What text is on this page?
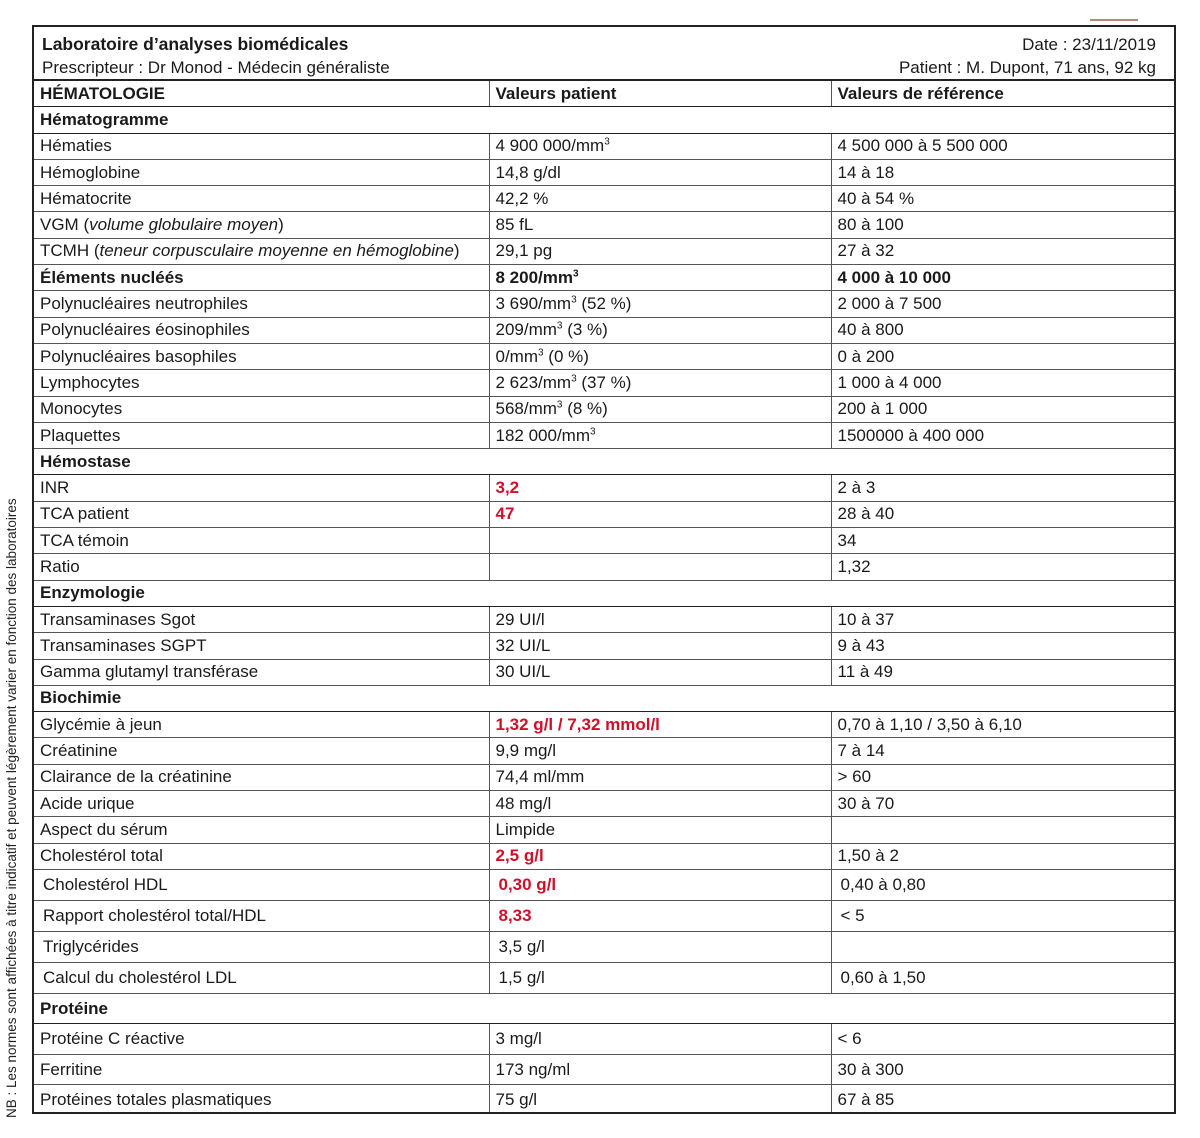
NB : Les normes sont affichées à titre indicatif et peuvent légèrement varier en fonction des laboratoires
Laboratoire d’analyses biomédicales
Prescripteur : Dr Monod - Médecin généraliste
Date : 23/11/2019
Patient : M. Dupont, 71 ans, 92 kg
HÉMATOLOGIE	Valeurs patient	Valeurs de référence
Hématogramme		
Hématies	4 900 $000/mm^3$	4 500 000 à 5 500 000
Hémoglobine	14,8 g/dl	14 à 18
Hématocrite	42,2 %	40 à 54 %
VGM (volume globulaire moyen)	85 fL	80 à 100
TCMH (teneur corpusculaire moyenne en hémoglobine)	29,1 pg	27 à 32
Éléments nucléés	8 $200/mm^3$	4 000 à 10 000
Polynucléaires neutrophiles	3 $690/mm^3$ (52 %)	2 000 à 7 500
Polynucléaires éosinophiles	$209/mm^3$ (3 %)	40 à 800
Polynucléaires basophiles	$0/mm^3$ (0 %)	0 à 200
Lymphocytes	2 $623/mm^3$ (37 %)	1 000 à 4 000
Monocytes	$568/mm^3$ (8 %)	200 à 1 000
Plaquettes	182 $000/mm^3$	1500000 à 400 000
Hémostase		
INR	3,2	2 à 3
TCA patient	47	28 à 40
TCA témoin		34
Ratio		1,32
Enzymologie		
Transaminases Sgot	29 UI/l	10 à 37
Transaminases SGPT	32 UI/L	9 à 43
Gamma glutamyl transférase	30 UI/L	11 à 49
Biochimie		
Glycémie à jeun	1,32 g/l / 7,32 mmol/l	0,70 à 1,10 / 3,50 à 6,10
Créatinine	9,9 mg/l	7 à 14
Clairance de la créatinine	74,4 ml/mm	> 60
Acide urique	48 mg/l	30 à 70
Aspect du sérum	Limpide	
Cholestérol total	2,5 g/l	1,50 à 2
Cholestérol HDL	0,30 g/l	0,40 à 0,80
Rapport cholestérol total/HDL	8,33	< 5
Triglycérides	3,5 g/l	
Calcul du cholestérol LDL	1,5 g/l	0,60 à 1,50
Protéine		
Protéine C réactive	3 mg/l	< 6
Ferritine	173 ng/ml	30 à 300
Protéines totales plasmatiques	75 g/l	67 à 85
